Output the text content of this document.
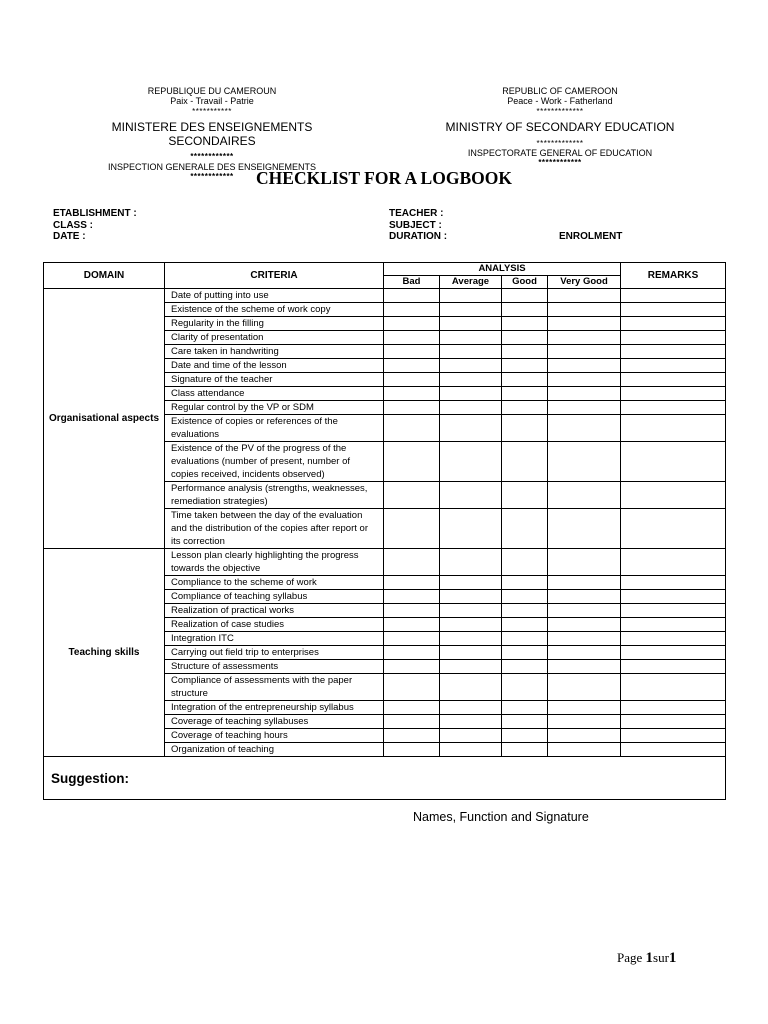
REPUBLIQUE DU CAMEROUN
Paix - Travail - Patrie
***********
MINISTERE DES ENSEIGNEMENTS SECONDAIRES
************
INSPECTION GENERALE DES ENSEIGNEMENTS
************
REPUBLIC OF CAMEROON
Peace - Work - Fatherland
*************
MINISTRY OF SECONDARY EDUCATION
*************
INSPECTORATE GENERAL OF EDUCATION
************
CHECKLIST FOR A LOGBOOK
ETABLISHMENT :
CLASS :
DATE :
TEACHER :
SUBJECT :
DURATION :	ENROLMENT
DOMAIN	CRITERIA	ANALYSIS				REMARKS
		Bad	Average	Good	Very Good	
Organisational aspects	Date of putting into use					
	Existence of the scheme of work copy					
	Regularity in the filling					
	Clarity of presentation					
	Care taken in handwriting					
	Date and time of the lesson					
	Signature of the teacher					
	Class attendance					
	Regular control by the VP or SDM					
	Existence of copies or references of the evaluations					
	Existence of the PV of the progress of the evaluations (number of present, number of copies received, incidents observed)					
	Performance analysis (strengths, weaknesses, remediation strategies)					
	Time taken between the day of the evaluation and the distribution of the copies after report or its correction					
Teaching skills	Lesson plan clearly highlighting the progress towards the objective					
	Compliance to the scheme of work					
	Compliance of teaching syllabus					
	Realization of practical works					
	Realization of case studies					
	Integration ITC					
	Carrying out field trip to enterprises					
	Structure of assessments					
	Compliance of assessments with the paper structure					
	Integration of the entrepreneurship syllabus					
	Coverage of teaching syllabuses					
	Coverage of teaching hours					
	Organization of teaching					
Suggestion:						
Names, Function and Signature
Page 1sur1
